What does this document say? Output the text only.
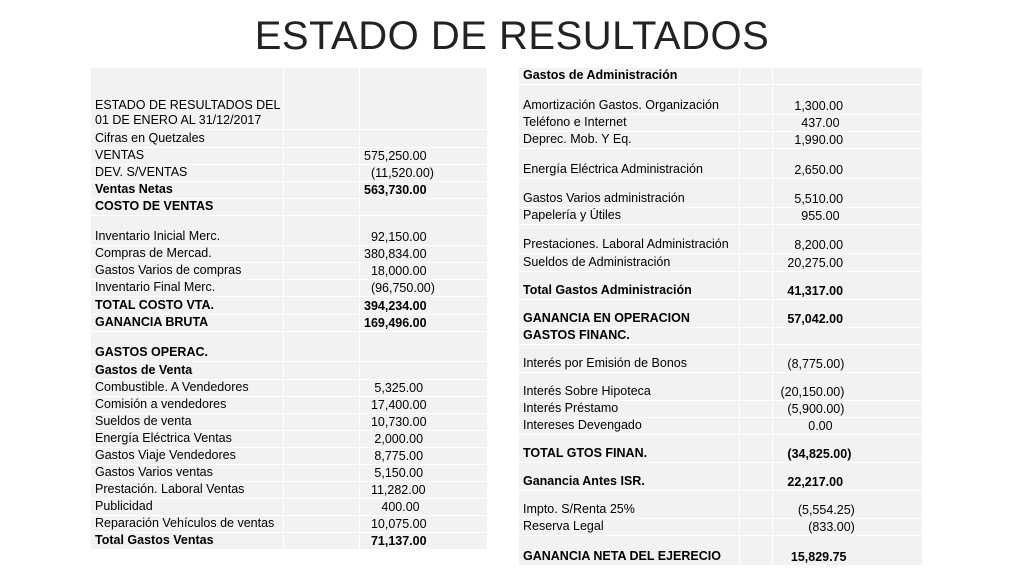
ESTADO DE RESULTADOS
ESTADO DE RESULTADOS DEL 01 DE ENERO AL 31/12/2017		
Cifras en Quetzales		
VENTAS		575,250.00
DEV. S/VENTAS		(11,520.00)
Ventas Netas		563,730.00
COSTO DE VENTAS		
Inventario Inicial Merc.		92,150.00
Compras de Mercad.		380,834.00
Gastos Varios de compras		18,000.00
Inventario Final Merc.		(96,750.00)
TOTAL COSTO VTA.		394,234.00
GANANCIA BRUTA		169,496.00
GASTOS OPERAC.		
Gastos de Venta		
Combustible. A Vendedores		5,325.00
Comisión a vendedores		17,400.00
Sueldos de venta		10,730.00
Energía Eléctrica Ventas		2,000.00
Gastos Viaje Vendedores		8,775.00
Gastos Varios ventas		5,150.00
Prestación. Laboral Ventas		11,282.00
Publicidad		400.00
Reparación Vehículos de ventas		10,075.00
Total Gastos Ventas		71,137.00
Gastos de Administración		
Amortización Gastos. Organización		1,300.00
Teléfono e Internet		437.00
Deprec. Mob. Y Eq.		1,990.00
Energía Eléctrica Administración		2,650.00
Gastos Varios administración		5,510.00
Papelería y Útiles		955.00
Prestaciones. Laboral Administración		8,200.00
Sueldos de Administración		20,275.00
Total Gastos Administración		41,317.00
GANANCIA EN OPERACION		57,042.00
GASTOS FINANC.		
Interés por Emisión de Bonos		(8,775.00)
Interés Sobre Hipoteca		(20,150.00)
Interés Préstamo		(5,900.00)
Intereses Devengado		0.00
TOTAL GTOS FINAN.		(34,825.00)
Ganancia Antes ISR.		22,217.00
Impto. S/Renta 25%		(5,554.25)
Reserva Legal		(833.00)
GANANCIA NETA DEL EJERECIO		15,829.75
